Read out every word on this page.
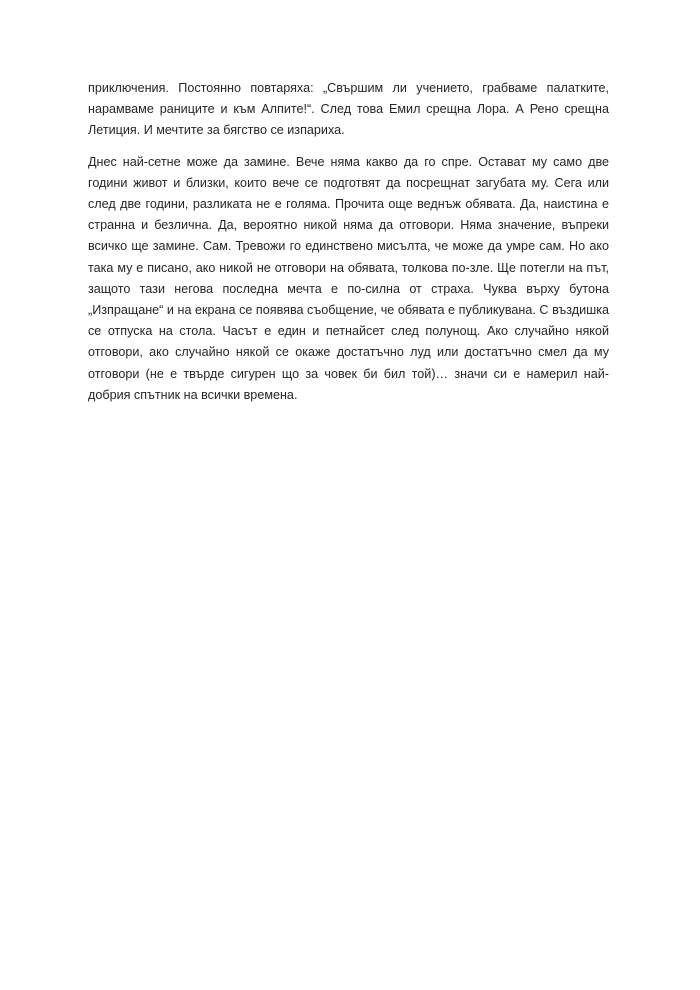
приключения. Постоянно повтаряха: „Свършим ли учението, грабваме палатките, нарамваме раниците и към Алпите!“. След това Емил срещна Лора. А Рено срещна Летиция. И мечтите за бягство се изпариха.

Днес най-сетне може да замине. Вече няма какво да го спре. Остават му само две години живот и близки, които вече се подготвят да посрещнат загубата му. Сега или след две години, разликата не е голяма. Прочита още веднъж обявата. Да, наистина е странна и безлична. Да, вероятно никой няма да отговори. Няма значение, въпреки всичко ще замине. Сам. Тревожи го единствено мисълта, че може да умре сам. Но ако така му е писано, ако никой не отговори на обявата, толкова по-зле. Ще потегли на път, защото тази негова последна мечта е по-силна от страха. Чуква върху бутона „Изпращане“ и на екрана се появява съобщение, че обявата е публикувана. С въздишка се отпуска на стола. Часът е един и петнайсет след полунощ. Ако случайно някой отговори, ако случайно някой се окаже достатъчно луд или достатъчно смел да му отговори (не е твърде сигурен що за човек би бил той)… значи си е намерил най-добрия спътник на всички времена.
